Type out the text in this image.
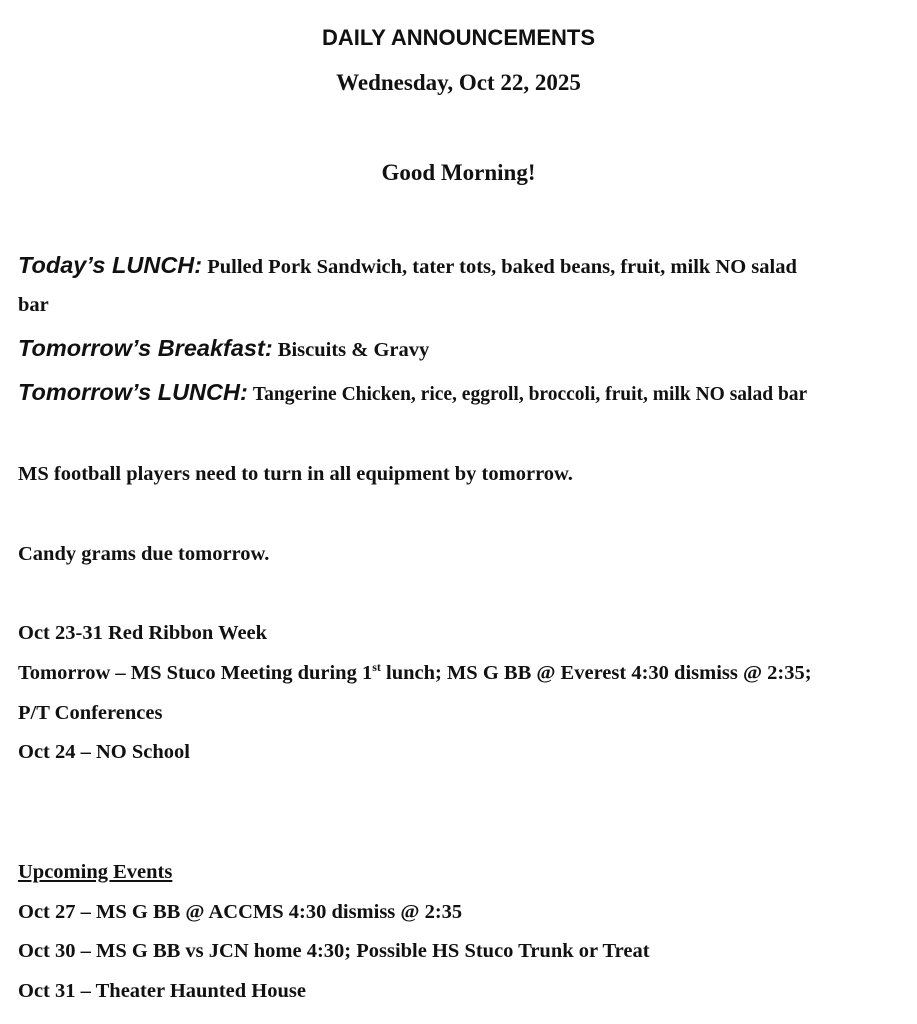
DAILY ANNOUNCEMENTS
Wednesday, Oct 22, 2025
Good Morning!
Today’s LUNCH: Pulled Pork Sandwich, tater tots, baked beans, fruit, milk NO salad
bar
Tomorrow’s Breakfast: Biscuits & Gravy
Tomorrow’s LUNCH: Tangerine Chicken, rice, eggroll, broccoli, fruit, milk NO salad bar
MS football players need to turn in all equipment by tomorrow.
Candy grams due tomorrow.
Oct 23-31 Red Ribbon Week
Tomorrow – MS Stuco Meeting during 1st lunch; MS G BB @ Everest 4:30 dismiss @ 2:35;
P/T Conferences
Oct 24 – NO School
Upcoming Events
Oct 27 – MS G BB @ ACCMS 4:30 dismiss @ 2:35
Oct 30 – MS G BB vs JCN home 4:30; Possible HS Stuco Trunk or Treat
Oct 31 – Theater Haunted House
